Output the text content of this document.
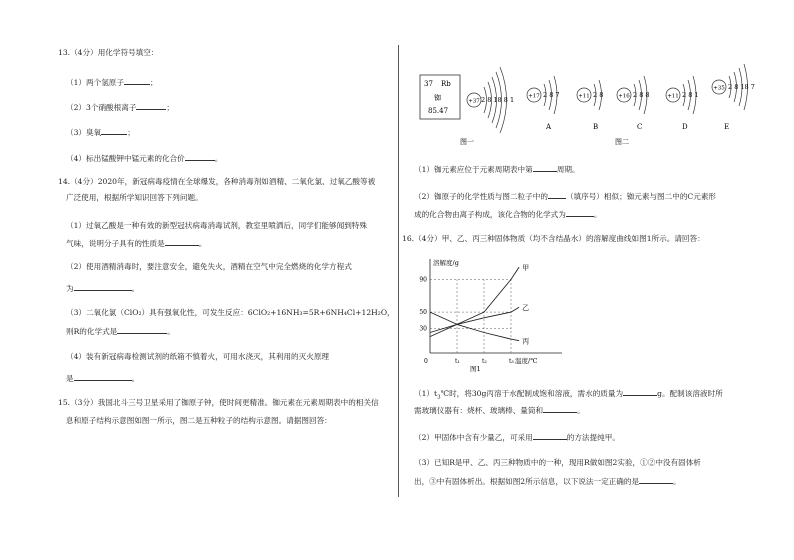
13.（4分）用化学符号填空：
（1）两个氢原子	；
（2）3个硝酸根离子	；
（3）臭氧	；
（4）标出锰酸钾中锰元素的化合价	。
14.（4分）2020年，新冠病毒疫情在全球爆发，各种消毒剂如酒精、二氧化氯、过氧乙酸等被
广泛使用，根据所学知识回答下列问题。
（1）过氧乙酸是一种有效的新型冠状病毒消毒试剂，教室里喷洒后，同学们能够闻到特殊
气味，说明分子具有的性质是	。
（2）使用酒精消毒时，要注意安全，避免失火，酒精在空气中完全燃烧的化学方程式
为	。
（3）二氧化氯（ClO₂）具有强氧化性，可发生反应：6ClO₂+16NH₃=5R+6NH₄Cl+12H₂O，
则R的化学式是	。
（4）装有新冠病毒检测试剂的纸箱不慎着火，可用水浇灭，其利用的灭火原理
是	。
15.（3分）我国北斗三号卫星采用了铷原子钟，使时间更精准。铷元素在元素周期表中的相关信
息和原子结构示意图如图一所示，图二是五种粒子的结构示意图。请据图回答：
37 Rb
铷
85.47
+37 2 8 18 8 1	+17 2 8 7
A
+11 2 8
B
+16 2 8 8
C
+11 2 8 1
D
+35 2 8 18 7
E
图一	图二
（1）铷元素应位于元素周期表中第	周期。
（2）铷原子的化学性质与图二粒子中的 （填序号）相似；铷元素与图二中的C元素形
成的化合物由离子构成，该化合物的化学式为	。
16.（4分）甲、乙、丙三种固体物质（均不含结晶水）的溶解度曲线如图1所示。请回答：
溶解度/g
温度/℃
30
50
90
0	t₁	t₂	t₃
甲
乙
丙
图1
$(1)t_3℃$时，将30g丙溶于水配制成饱和溶液，需水的质量为	g。配制该溶液时所
需玻璃仪器有：烧杯、玻璃棒、量筒和	。
（2）甲固体中含有少量乙，可采用	的方法提纯甲。
（3）已知R是甲、乙、丙三种物质中的一种，现用R做如图2实验，①②中没有固体析
出，③中有固体析出。根据如图2所示信息，以下说法一定正确的是	。
